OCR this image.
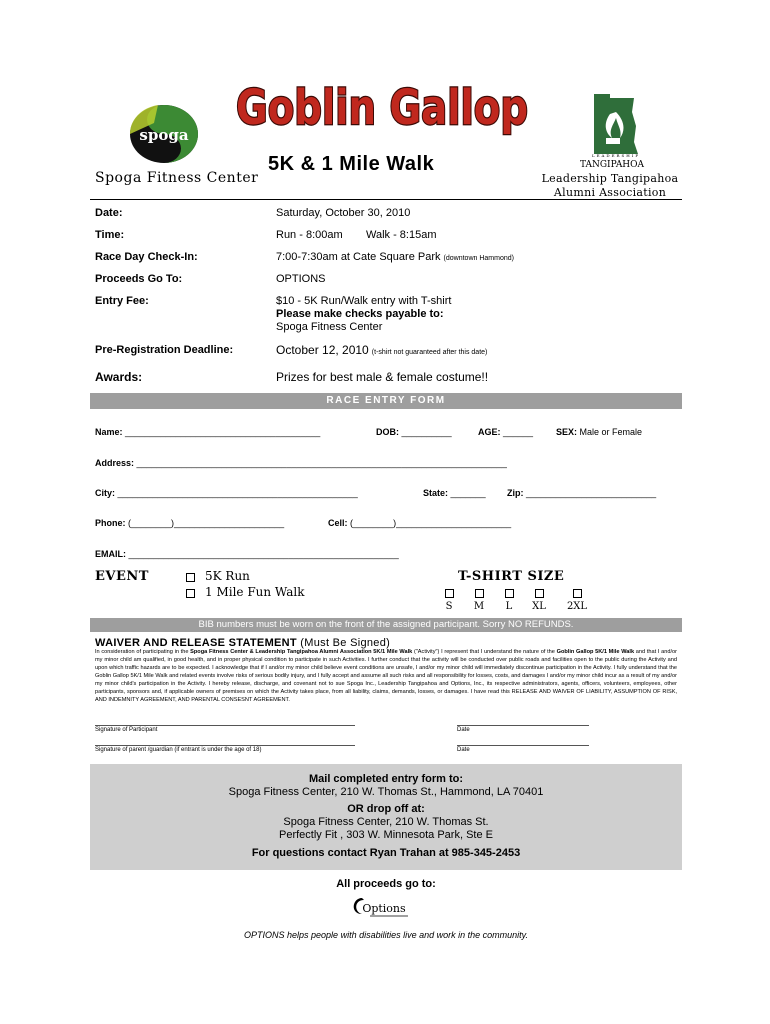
spoga
Spoga Fitness Center
Goblin Gallop
5K & 1 Mile Walk	LEADERSHIP
TANGIPAHOA
Leadership Tangipahoa
Alumni Association
Date:	Saturday, October 30, 2010
Time:	Run - 8:00am Walk - 8:15am
Race Day Check-In:	7:00-7:30am at Cate Square Park (downtown Hammond)
Proceeds Go To:	OPTIONS
Entry Fee:	$10 - 5K Run/Walk entry with T-shirt
Please make checks payable to:
Spoga Fitness Center
Pre-Registration Deadline:	October 12, 2010 (t-shirt not guaranteed after this date)
Awards:	Prizes for best male & female costume!!
RACE ENTRY FORM
Name: _______________________________________	DOB: __________	AGE: ______	SEX: Male or Female
Address: __________________________________________________________________________
City: ________________________________________________	State: _______ Zip: __________________________
Phone: (________)______________________	Cell: (________)_______________________
EMAIL: ______________________________________________________
EVENT	5K Run
1 Mile Fun Walk
T-SHIRT SIZE
S	M	L	XL	2XL
BIB numbers must be worn on the front of the assigned participant. Sorry NO REFUNDS.
WAIVER AND RELEASE STATEMENT (Must Be Signed)
In consideration of participating in the Spoga Fitness Center & Leadership Tangipahoa Alumni Association 5K/1 Mile Walk ("Activity") I represent that I understand the nature of the Goblin Gallop 5K/1 Mile Walk and that I and/or my minor child am qualified, in good health, and in proper physical condition to participate in such Activities. I further conduct that the activity will be conducted over public roads and facilities open to the public during the Activity and upon which traffic hazards are to be expected. I acknowledge that if I and/or my minor child believe event conditions are unsafe, I and/or my minor child will immediately discontinue participation in the Activity. I fully understand that the Goblin Gallop 5K/1 Mile Walk and related events involve risks of serious bodily injury, and I fully accept and assume all such risks and all responsibility for losses, costs, and damages I and/or my minor child incur as a result of my and/or my minor child's participation in the Activity. I hereby release, discharge, and covenant not to sue Spoga Inc., Leadership Tangipahoa and Options, Inc., its respective administrators, agents, officers, volunteers, employees, other participants, sponsors and, if applicable owners of premises on which the Activity takes place, from all liability, claims, demands, losses, or damages. I have read this RELEASE AND WAIVER OF LIABILITY, ASSUMPTION OF RISK, AND INDEMNITY AGREEMENT, AND PARENTAL CONSESNT AGREEMENT.
Signature of Participant	Date
Signature of parent /guardian (if entrant is under the age of 18)	Date
Mail completed entry form to:
Spoga Fitness Center, 210 W. Thomas St., Hammond, LA 70401
OR drop off at:
Spoga Fitness Center, 210 W. Thomas St.
Perfectly Fit , 303 W. Minnesota Park, Ste E
For questions contact Ryan Trahan at 985-345-2453
All proceeds go to:
Options
OPTIONS helps people with disabilities live and work in the community.
